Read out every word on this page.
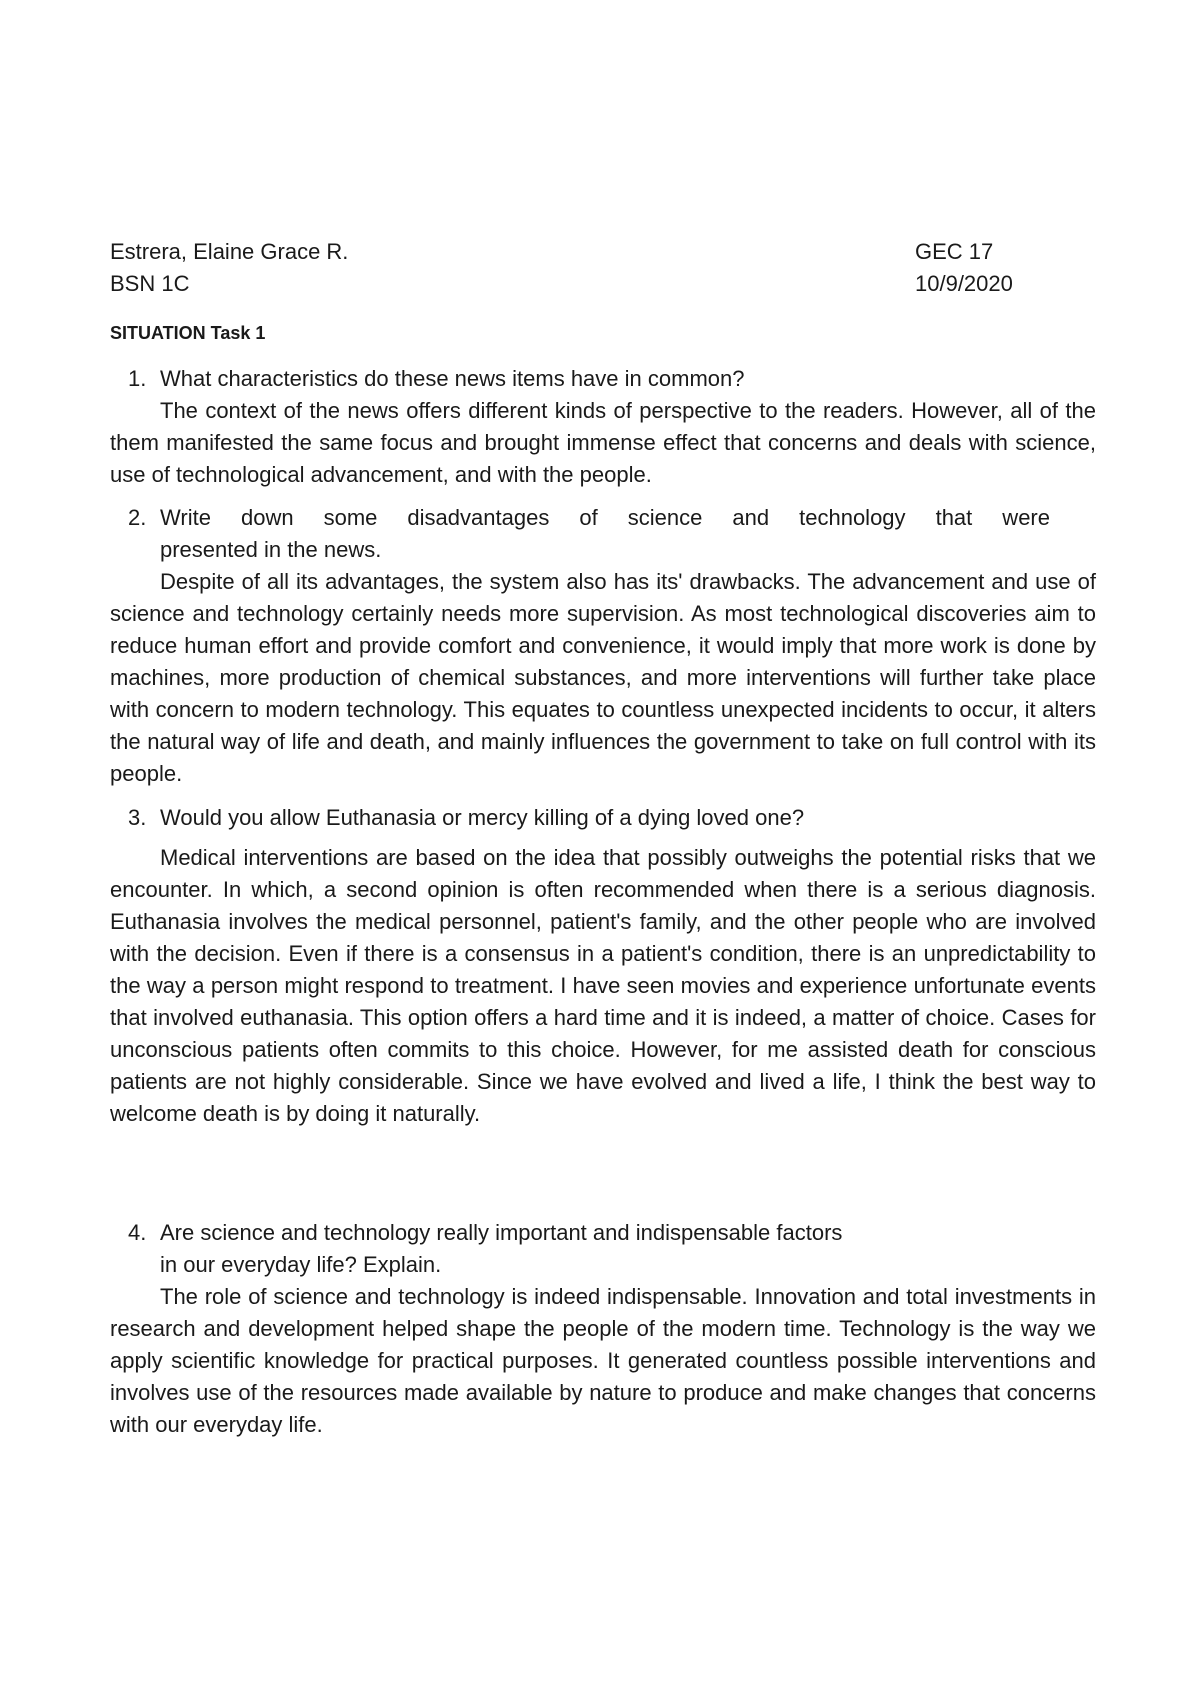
Estrera, Elaine Grace R.	GEC 17
BSN 1C	10/9/2020
SITUATION Task 1
1. What characteristics do these news items have in common?
The context of the news offers different kinds of perspective to the readers. However, all of the them manifested the same focus and brought immense effect that concerns and deals with science, use of technological advancement, and with the people.
2. Write down some disadvantages of science and technology that were
presented in the news.
Despite of all its advantages, the system also has its' drawbacks. The advancement and use of science and technology certainly needs more supervision. As most technological discoveries aim to reduce human effort and provide comfort and convenience, it would imply that more work is done by machines, more production of chemical substances, and more interventions will further take place with concern to modern technology. This equates to countless unexpected incidents to occur, it alters the natural way of life and death, and mainly influences the government to take on full control with its people.
3. Would you allow Euthanasia or mercy killing of a dying loved one?
Medical interventions are based on the idea that possibly outweighs the potential risks that we encounter. In which, a second opinion is often recommended when there is a serious diagnosis. Euthanasia involves the medical personnel, patient's family, and the other people who are involved with the decision. Even if there is a consensus in a patient's condition, there is an unpredictability to the way a person might respond to treatment. I have seen movies and experience unfortunate events that involved euthanasia. This option offers a hard time and it is indeed, a matter of choice. Cases for unconscious patients often commits to this choice. However, for me assisted death for conscious patients are not highly considerable. Since we have evolved and lived a life, I think the best way to welcome death is by doing it naturally.
4. Are science and technology really important and indispensable factors
in our everyday life? Explain.
The role of science and technology is indeed indispensable. Innovation and total investments in research and development helped shape the people of the modern time. Technology is the way we apply scientific knowledge for practical purposes. It generated countless possible interventions and involves use of the resources made available by nature to produce and make changes that concerns with our everyday life.
